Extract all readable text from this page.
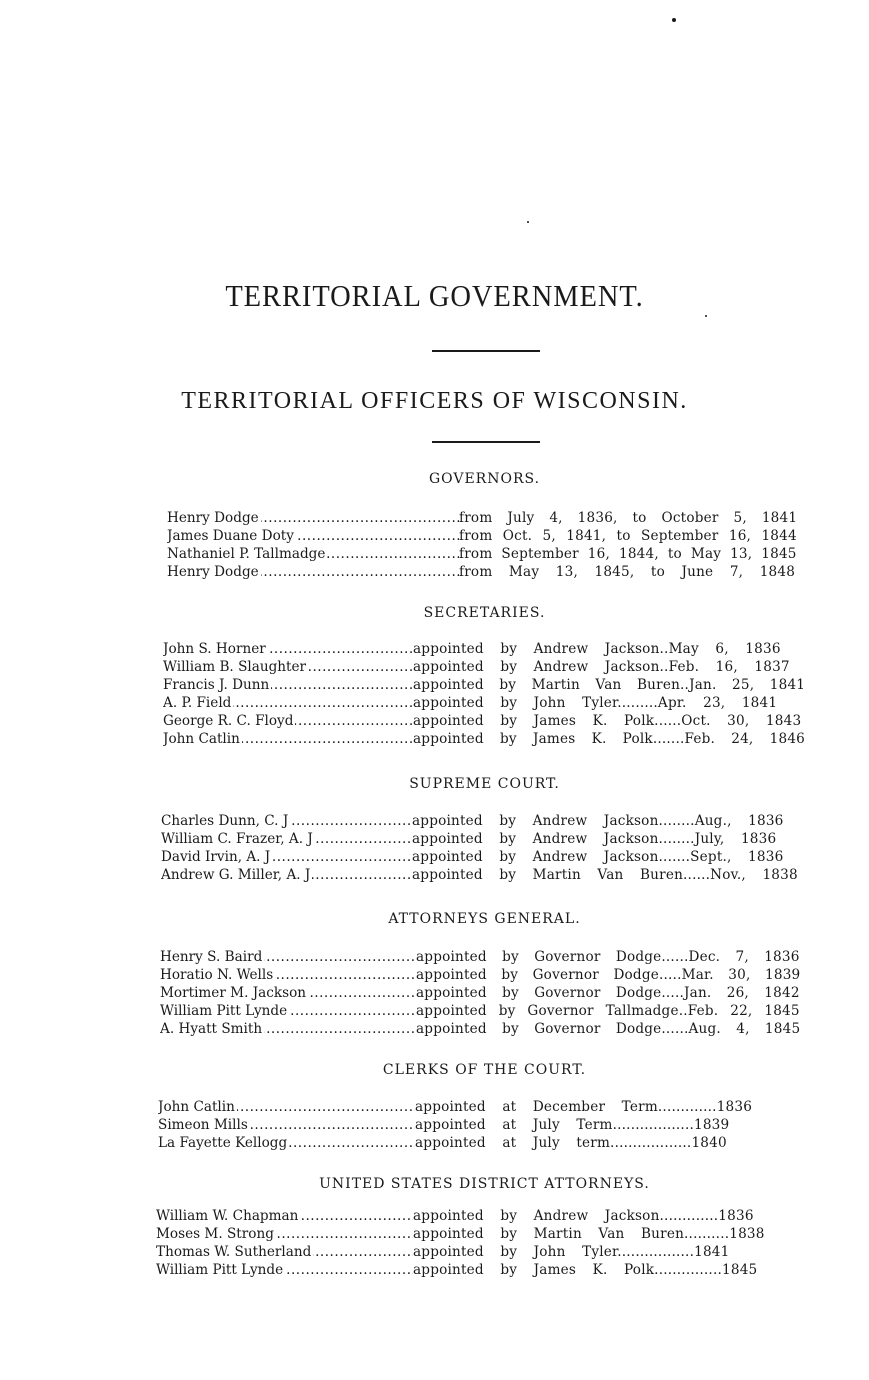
TERRITORIAL GOVERNMENT.
TERRITORIAL OFFICERS OF WISCONSIN.
GOVERNORS.
Henry Dodge .....	from July 4, 1836, to October 5, 1841
James Duane Doty .....	from Oct. 5, 1841, to September 16, 1844
Nathaniel P. Tallmadge .....	from September 16, 1844, to May 13, 1845
Henry Dodge .....	from May 13, 1845, to June 7, 1848
SECRETARIES.
John S. Horner .....	appointed by Andrew Jackson..May 6, 1836
William B. Slaughter .....	appointed by Andrew Jackson..Feb. 16, 1837
Francis J. Dunn .....	appointed by Martin Van Buren..Jan. 25, 1841
A. P. Field .....	appointed by John Tyler.........Apr. 23, 1841
George R. C. Floyd .....	appointed by James K. Polk......Oct. 30, 1843
John Catlin .....	appointed by James K. Polk.......Feb. 24, 1846
SUPREME COURT.
Charles Dunn, C. J .....	appointed by Andrew Jackson........Aug., 1836
William C. Frazer, A. J .....	appointed by Andrew Jackson........July, 1836
David Irvin, A. J .....	appointed by Andrew Jackson.......Sept., 1836
Andrew G. Miller, A. J .....	appointed by Martin Van Buren......Nov., 1838
ATTORNEYS GENERAL.
Henry S. Baird .....	appointed by Governor Dodge......Dec. 7, 1836
Horatio N. Wells .....	appointed by Governor Dodge.....Mar. 30, 1839
Mortimer M. Jackson .....	appointed by Governor Dodge.....Jan. 26, 1842
William Pitt Lynde .....	appointed by Governor Tallmadge..Feb. 22, 1845
A. Hyatt Smith .....	appointed by Governor Dodge......Aug. 4, 1845
CLERKS OF THE COURT.
John Catlin .....	appointed at December Term.............1836
Simeon Mills .....	appointed at July Term..................1839
La Fayette Kellogg .....	appointed at July term..................1840
UNITED STATES DISTRICT ATTORNEYS.
William W. Chapman .....	appointed by Andrew Jackson.............1836
Moses M. Strong .....	appointed by Martin Van Buren..........1838
Thomas W. Sutherland .....	appointed by John Tyler.................1841
William Pitt Lynde .....	appointed by James K. Polk...............1845
